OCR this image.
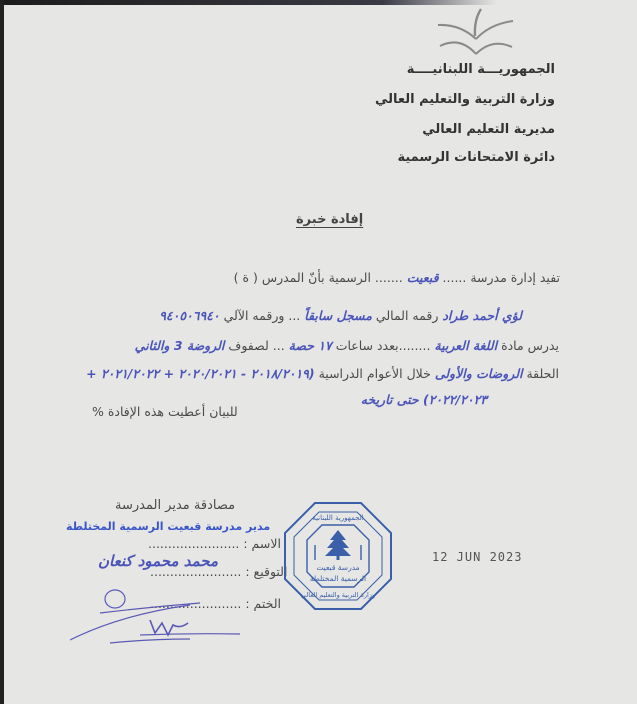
الجمهوريـــة اللبنانيــــة
وزارة التربية والتعليم العالي
مديرية التعليم العالي
دائرة الامتحانات الرسمية
إفادة خبرة
تفيد إدارة مدرسة ...... قبعيت ....... الرسمية بأنّ المدرس ( ة )
لؤي أحمد طراد رقمه المالي مسجل سابقاً ... ورقمه الآلي ٩٤٠٥٠٦٩٤٠
يدرس مادة اللغة العربية ........بعدد ساعات ١٧ حصة ... لصفوف الروضة 3 والثاني
الحلقة الروضات والأولى خلال الأعوام الدراسية (٢٠١٨/٢٠١٩ - ٢٠٢٠/٢٠٢١ + ٢٠٢١/٢٠٢٢ +
٢٠٢٢/٢٠٢٣) حتى تاريخه
للبيان أعطيت هذه الإفادة %
مصادقة مدير المدرسة
مدير مدرسة قبعيت الرسمية المختلطة
الاسم : .......................
محمد محمود كنعان
التوقيع : .......................
الختم : .......................
الجمهورية اللبنانية
مدرسة قبعيت
الرسمية المختلطة
وزارة التربية والتعليم العالي
12 JUN 2023
